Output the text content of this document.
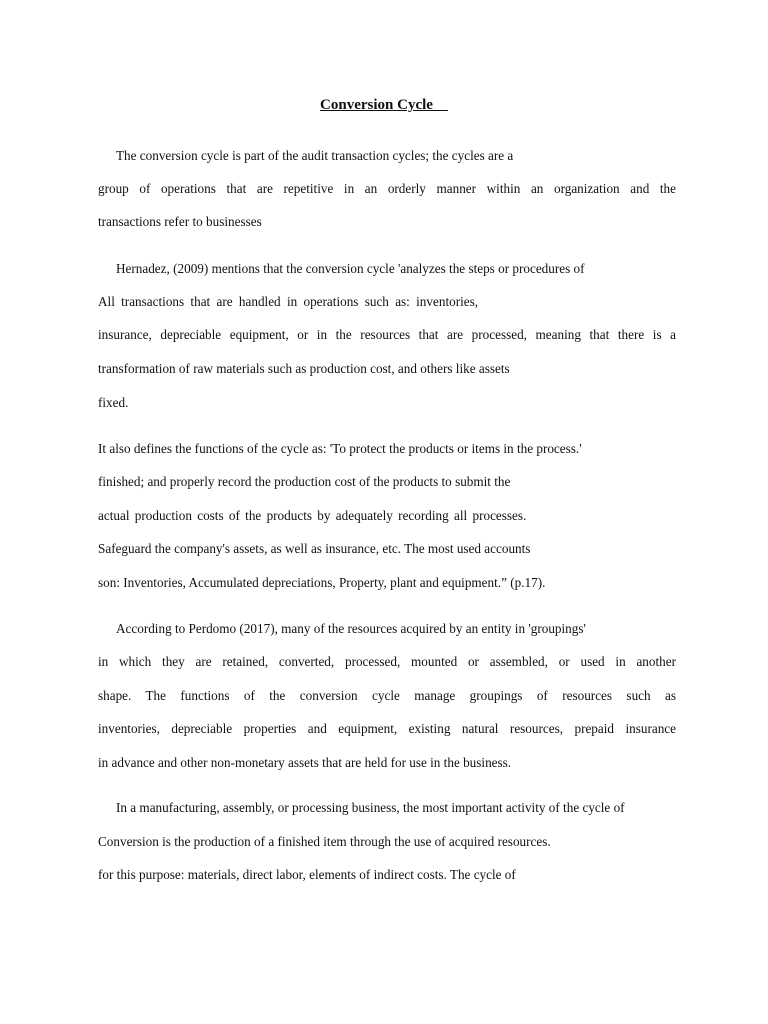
Conversion Cycle
The conversion cycle is part of the audit transaction cycles; the cycles are a
group of operations that are repetitive in an orderly manner within an organization and the
transactions refer to businesses
Hernadez, (2009) mentions that the conversion cycle 'analyzes the steps or procedures of
All transactions that are handled in operations such as: inventories,
insurance, depreciable equipment, or in the resources that are processed, meaning that there is a
transformation of raw materials such as production cost, and others like assets
fixed.
It also defines the functions of the cycle as: 'To protect the products or items in the process.'
finished; and properly record the production cost of the products to submit the
actual production costs of the products by adequately recording all processes.
Safeguard the company's assets, as well as insurance, etc. The most used accounts
son: Inventories, Accumulated depreciations, Property, plant and equipment.” (p.17).
According to Perdomo (2017), many of the resources acquired by an entity in 'groupings'
in which they are retained, converted, processed, mounted or assembled, or used in another
shape. The functions of the conversion cycle manage groupings of resources such as
inventories, depreciable properties and equipment, existing natural resources, prepaid insurance
in advance and other non-monetary assets that are held for use in the business.
In a manufacturing, assembly, or processing business, the most important activity of the cycle of
Conversion is the production of a finished item through the use of acquired resources.
for this purpose: materials, direct labor, elements of indirect costs. The cycle of
